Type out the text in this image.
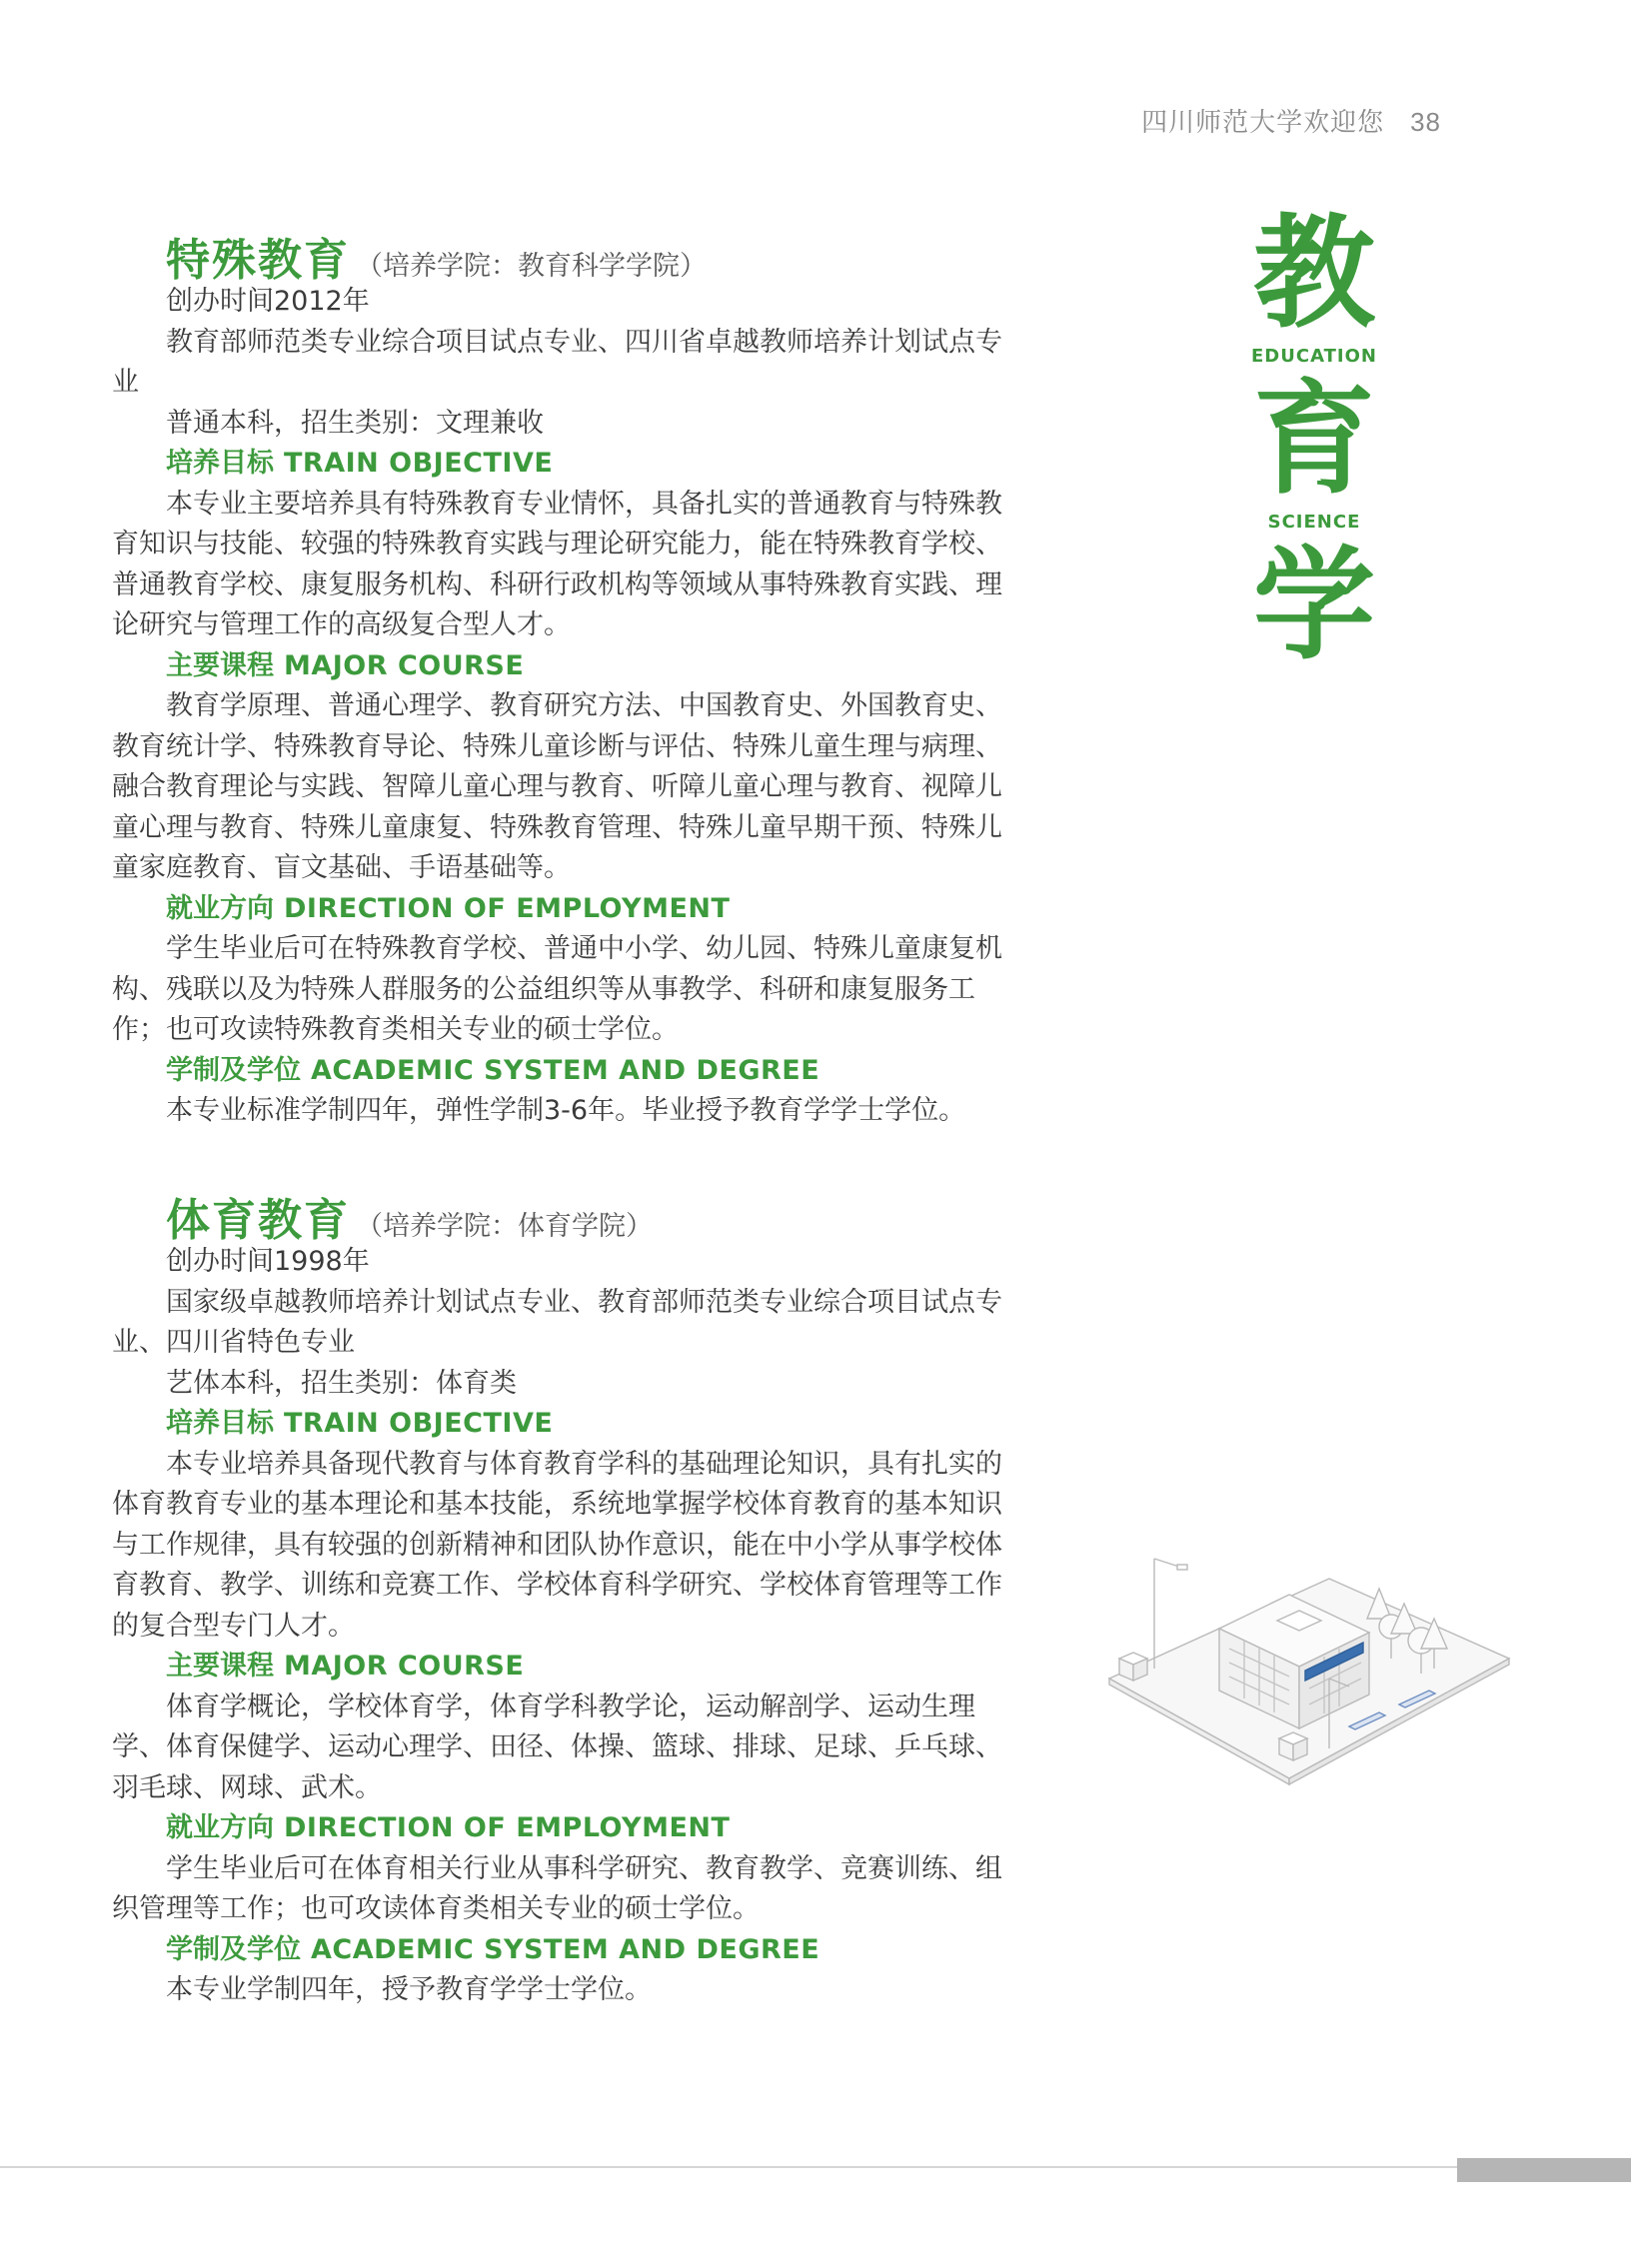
四川师范大学欢迎您 38
特殊教育 （培养学院：教育科学学院）
创办时间2012年
教育部师范类专业综合项目试点专业、四川省卓越教师培养计划试点专业
普通本科，招生类别：文理兼收
培养目标 TRAIN OBJECTIVE
本专业主要培养具有特殊教育专业情怀，具备扎实的普通教育与特殊教育知识与技能、较强的特殊教育实践与理论研究能力，能在特殊教育学校、普通教育学校、康复服务机构、科研行政机构等领域从事特殊教育实践、理论研究与管理工作的高级复合型人才。
主要课程 MAJOR COURSE
教育学原理、普通心理学、教育研究方法、中国教育史、外国教育史、教育统计学、特殊教育导论、特殊儿童诊断与评估、特殊儿童生理与病理、融合教育理论与实践、智障儿童心理与教育、听障儿童心理与教育、视障儿童心理与教育、特殊儿童康复、特殊教育管理、特殊儿童早期干预、特殊儿童家庭教育、盲文基础、手语基础等。
就业方向 DIRECTION OF EMPLOYMENT
学生毕业后可在特殊教育学校、普通中小学、幼儿园、特殊儿童康复机构、残联以及为特殊人群服务的公益组织等从事教学、科研和康复服务工作；也可攻读特殊教育类相关专业的硕士学位。
学制及学位 ACADEMIC SYSTEM AND DEGREE
本专业标准学制四年，弹性学制3-6年。毕业授予教育学学士学位。
体育教育 （培养学院：体育学院）
创办时间1998年
国家级卓越教师培养计划试点专业、教育部师范类专业综合项目试点专业、四川省特色专业
艺体本科，招生类别：体育类
培养目标 TRAIN OBJECTIVE
本专业培养具备现代教育与体育教育学科的基础理论知识，具有扎实的体育教育专业的基本理论和基本技能，系统地掌握学校体育教育的基本知识与工作规律，具有较强的创新精神和团队协作意识，能在中小学从事学校体育教育、教学、训练和竞赛工作、学校体育科学研究、学校体育管理等工作的复合型专门人才。
主要课程 MAJOR COURSE
体育学概论，学校体育学，体育学科教学论，运动解剖学、运动生理学、体育保健学、运动心理学、田径、体操、篮球、排球、足球、乒乓球、羽毛球、网球、武术。
就业方向 DIRECTION OF EMPLOYMENT
学生毕业后可在体育相关行业从事科学研究、教育教学、竞赛训练、组织管理等工作；也可攻读体育类相关专业的硕士学位。
学制及学位 ACADEMIC SYSTEM AND DEGREE
本专业学制四年，授予教育学学士学位。
教
EDUCATION
育
SCIENCE
学
